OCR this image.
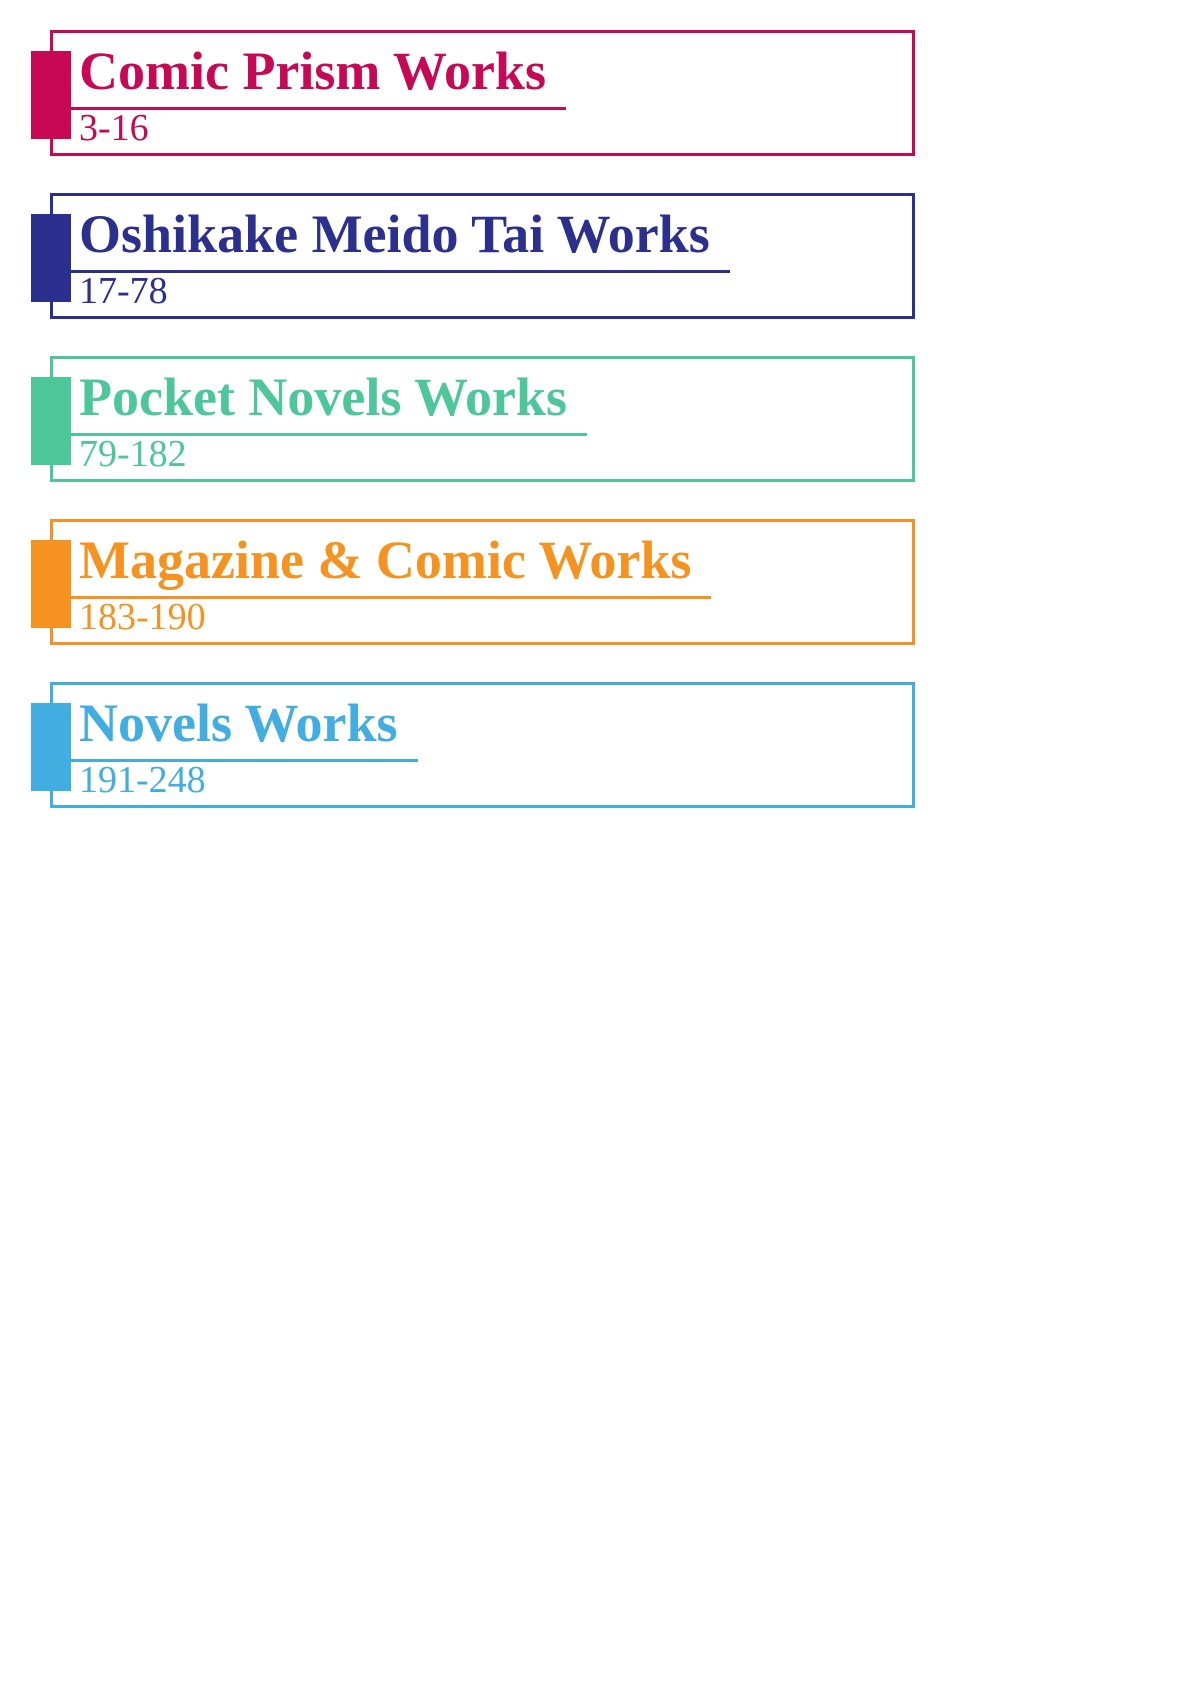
Comic Prism Works
3-16
Oshikake Meido Tai Works
17-78
Pocket Novels Works
79-182
Magazine & Comic Works
183-190
Novels Works
191-248
